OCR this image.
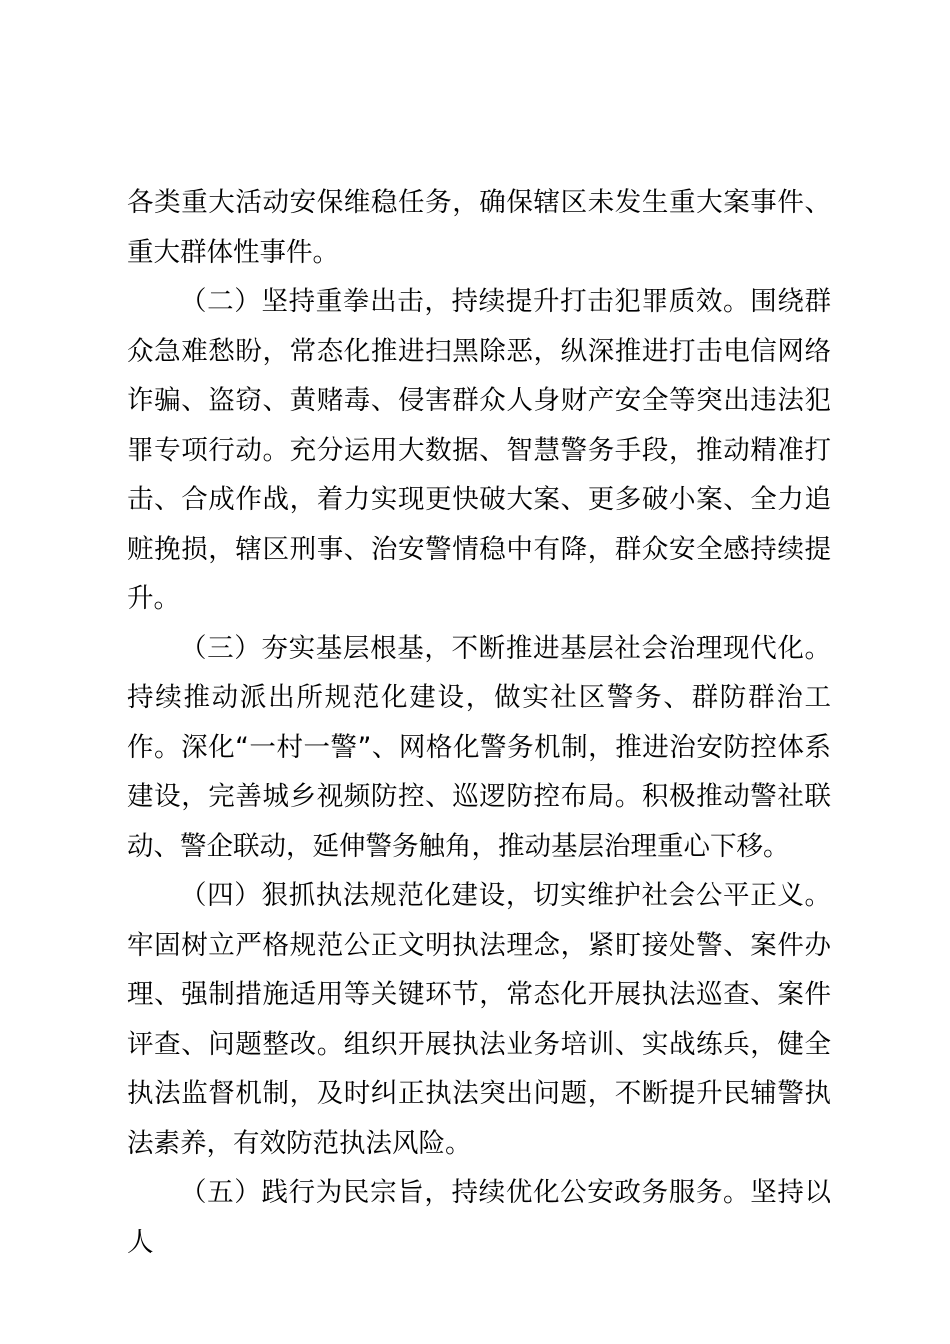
各类重大活动安保维稳任务，确保辖区未发生重大案事件、重大群体性事件。

（二）坚持重拳出击，持续提升打击犯罪质效。围绕群众急难愁盼，常态化推进扫黑除恶，纵深推进打击电信网络诈骗、盗窃、黄赌毒、侵害群众人身财产安全等突出违法犯罪专项行动。充分运用大数据、智慧警务手段，推动精准打击、合成作战，着力实现更快破大案、更多破小案、全力追赃挽损，辖区刑事、治安警情稳中有降，群众安全感持续提升。

（三）夯实基层根基，不断推进基层社会治理现代化。持续推动派出所规范化建设，做实社区警务、群防群治工作。深化“一村一警”、网格化警务机制，推进治安防控体系建设，完善城乡视频防控、巡逻防控布局。积极推动警社联动、警企联动，延伸警务触角，推动基层治理重心下移。

（四）狠抓执法规范化建设，切实维护社会公平正义。牢固树立严格规范公正文明执法理念，紧盯接处警、案件办理、强制措施适用等关键环节，常态化开展执法巡查、案件评查、问题整改。组织开展执法业务培训、实战练兵，健全执法监督机制，及时纠正执法突出问题，不断提升民辅警执法素养，有效防范执法风险。

（五）践行为民宗旨，持续优化公安政务服务。坚持以人
